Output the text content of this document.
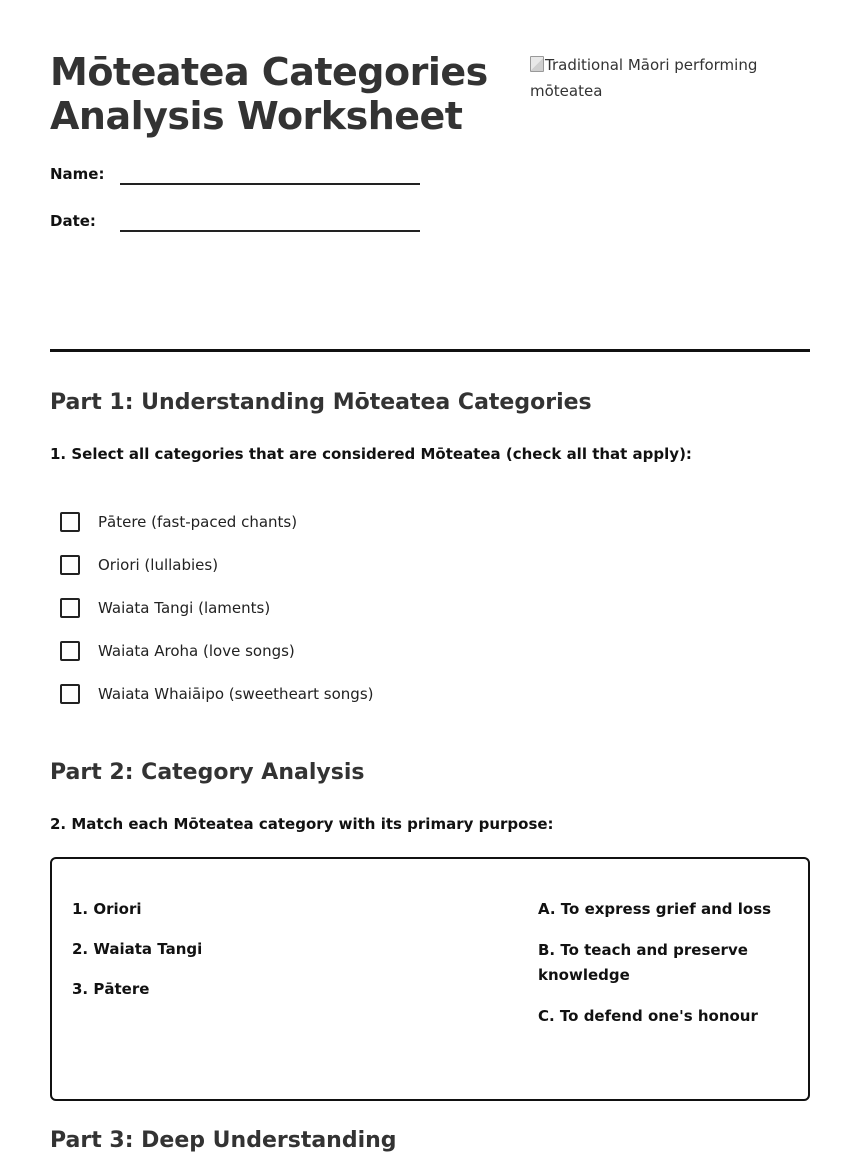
Mōteatea Categories Analysis Worksheet
Name:
Date:
Traditional Māori performing mōteatea
Part 1: Understanding Mōteatea Categories

1. Select all categories that are considered Mōteatea (check all that apply):

Pātere (fast-paced chants)
Oriori (lullabies)
Waiata Tangi (laments)
Waiata Aroha (love songs)
Waiata Whaiāipo (sweetheart songs)
Part 2: Category Analysis

2. Match each Mōteatea category with its primary purpose:

1. Oriori
2. Waiata Tangi
3. Pātere
A. To express grief and loss
B. To teach and preserve knowledge
C. To defend one's honour
Part 3: Deep Understanding
